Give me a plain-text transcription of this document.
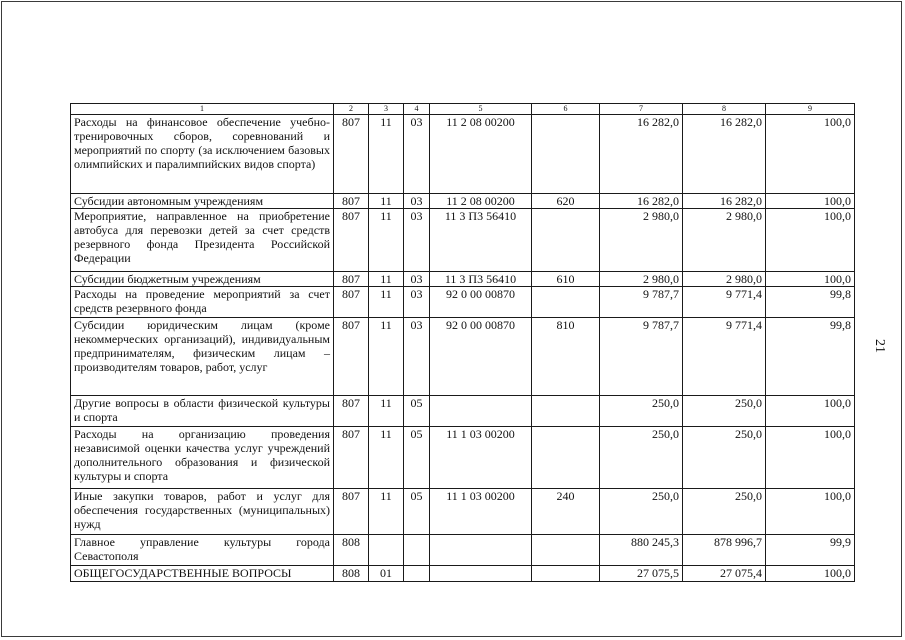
1	2	3	4	5	6	7	8	9
Расходы на финансовое обеспечение учебно-тренировочных сборов, соревнований и мероприятий по спорту (за исключением базовых олимпийских и паралимпийских видов спорта)	807	11	03	11 2 08 00200		16 282,0	16 282,0	100,0
Субсидии автономным учреждениям	807	11	03	11 2 08 00200	620	16 282,0	16 282,0	100,0
Мероприятие, направленное на приобретение автобуса для перевозки детей за счет средств резервного фонда Президента Российской Федерации	807	11	03	11 3 П3 56410		2 980,0	2 980,0	100,0
Субсидии бюджетным учреждениям	807	11	03	11 3 П3 56410	610	2 980,0	2 980,0	100,0
Расходы на проведение мероприятий за счет средств резервного фонда	807	11	03	92 0 00 00870		9 787,7	9 771,4	99,8
Субсидии юридическим лицам (кроме некоммерческих организаций), индивидуальным предпринимателям, физическим лицам – производителям товаров, работ, услуг	807	11	03	92 0 00 00870	810	9 787,7	9 771,4	99,8
Другие вопросы в области физической культуры и спорта	807	11	05			250,0	250,0	100,0
Расходы на организацию проведения независимой оценки качества услуг учреждений дополнительного образования и физической культуры и спорта	807	11	05	11 1 03 00200		250,0	250,0	100,0
Иные закупки товаров, работ и услуг для обеспечения государственных (муниципальных) нужд	807	11	05	11 1 03 00200	240	250,0	250,0	100,0
Главное управление культуры города Севастополя	808					880 245,3	878 996,7	99,9
ОБЩЕГОСУДАРСТВЕННЫЕ ВОПРОСЫ	808	01				27 075,5	27 075,4	100,0
21
